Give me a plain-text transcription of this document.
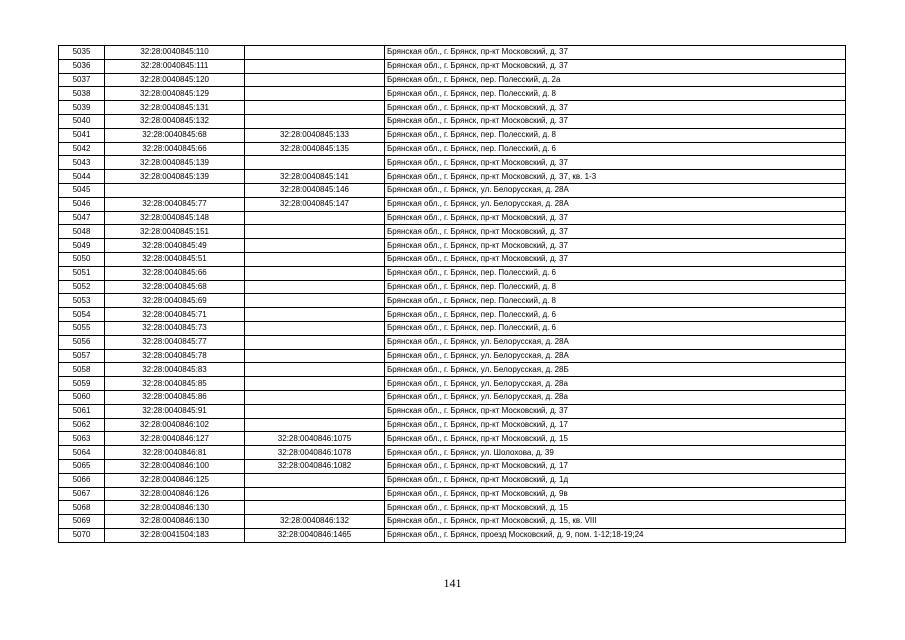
5035	32:28:0040845:110		Брянская обл., г. Брянск, пр-кт Московский, д. 37
5036	32:28:0040845:111		Брянская обл., г. Брянск, пр-кт Московский, д. 37
5037	32:28:0040845:120		Брянская обл., г. Брянск, пер. Полесский, д. 2а
5038	32:28:0040845:129		Брянская обл., г. Брянск, пер. Полесский, д. 8
5039	32:28:0040845:131		Брянская обл., г. Брянск, пр-кт Московский, д. 37
5040	32:28:0040845:132		Брянская обл., г. Брянск, пр-кт Московский, д. 37
5041	32:28:0040845:68	32:28:0040845:133	Брянская обл., г. Брянск, пер. Полесский, д. 8
5042	32:28:0040845:66	32:28:0040845:135	Брянская обл., г. Брянск, пер. Полесский, д. 6
5043	32:28:0040845:139		Брянская обл., г. Брянск, пр-кт Московский, д. 37
5044	32:28:0040845:139	32:28:0040845:141	Брянская обл., г. Брянск, пр-кт Московский, д. 37, кв. 1-3
5045		32:28:0040845:146	Брянская обл., г. Брянск, ул. Белорусская, д. 28А
5046	32:28:0040845:77	32:28:0040845:147	Брянская обл., г. Брянск, ул. Белорусская, д. 28А
5047	32:28:0040845:148		Брянская обл., г. Брянск, пр-кт Московский, д. 37
5048	32:28:0040845:151		Брянская обл., г. Брянск, пр-кт Московский, д. 37
5049	32:28:0040845:49		Брянская обл., г. Брянск, пр-кт Московский, д. 37
5050	32:28:0040845:51		Брянская обл., г. Брянск, пр-кт Московский, д. 37
5051	32:28:0040845:66		Брянская обл., г. Брянск, пер. Полесский, д. 6
5052	32:28:0040845:68		Брянская обл., г. Брянск, пер. Полесский, д. 8
5053	32:28:0040845:69		Брянская обл., г. Брянск, пер. Полесский, д. 8
5054	32:28:0040845:71		Брянская обл., г. Брянск, пер. Полесский, д. 6
5055	32:28:0040845:73		Брянская обл., г. Брянск, пер. Полесский, д. 6
5056	32:28:0040845:77		Брянская обл., г. Брянск, ул. Белорусская, д. 28А
5057	32:28:0040845:78		Брянская обл., г. Брянск, ул. Белорусская, д. 28А
5058	32:28:0040845:83		Брянская обл., г. Брянск, ул. Белорусская, д. 28Б
5059	32:28:0040845:85		Брянская обл., г. Брянск, ул. Белорусская, д. 28а
5060	32:28:0040845:86		Брянская обл., г. Брянск, ул. Белорусская, д. 28а
5061	32:28:0040845:91		Брянская обл., г. Брянск, пр-кт Московский, д. 37
5062	32:28:0040846:102		Брянская обл., г. Брянск, пр-кт Московский, д. 17
5063	32:28:0040846:127	32:28:0040846:1075	Брянская обл., г. Брянск, пр-кт Московский, д. 15
5064	32:28:0040846:81	32:28:0040846:1078	Брянская обл., г. Брянск, ул. Шолохова, д. 39
5065	32:28:0040846:100	32:28:0040846:1082	Брянская обл., г. Брянск, пр-кт Московский, д. 17
5066	32:28:0040846:125		Брянская обл., г. Брянск, пр-кт Московский, д. 1д
5067	32:28:0040846:126		Брянская обл., г. Брянск, пр-кт Московский, д. 9в
5068	32:28:0040846:130		Брянская обл., г. Брянск, пр-кт Московский, д. 15
5069	32:28:0040846:130	32:28:0040846:132	Брянская обл., г. Брянск, пр-кт Московский, д. 15, кв. VIII
5070	32:28:0041504:183	32:28:0040846:1465	Брянская обл., г. Брянск, проезд Московский, д. 9, пом. 1-12;18-19;24
141
